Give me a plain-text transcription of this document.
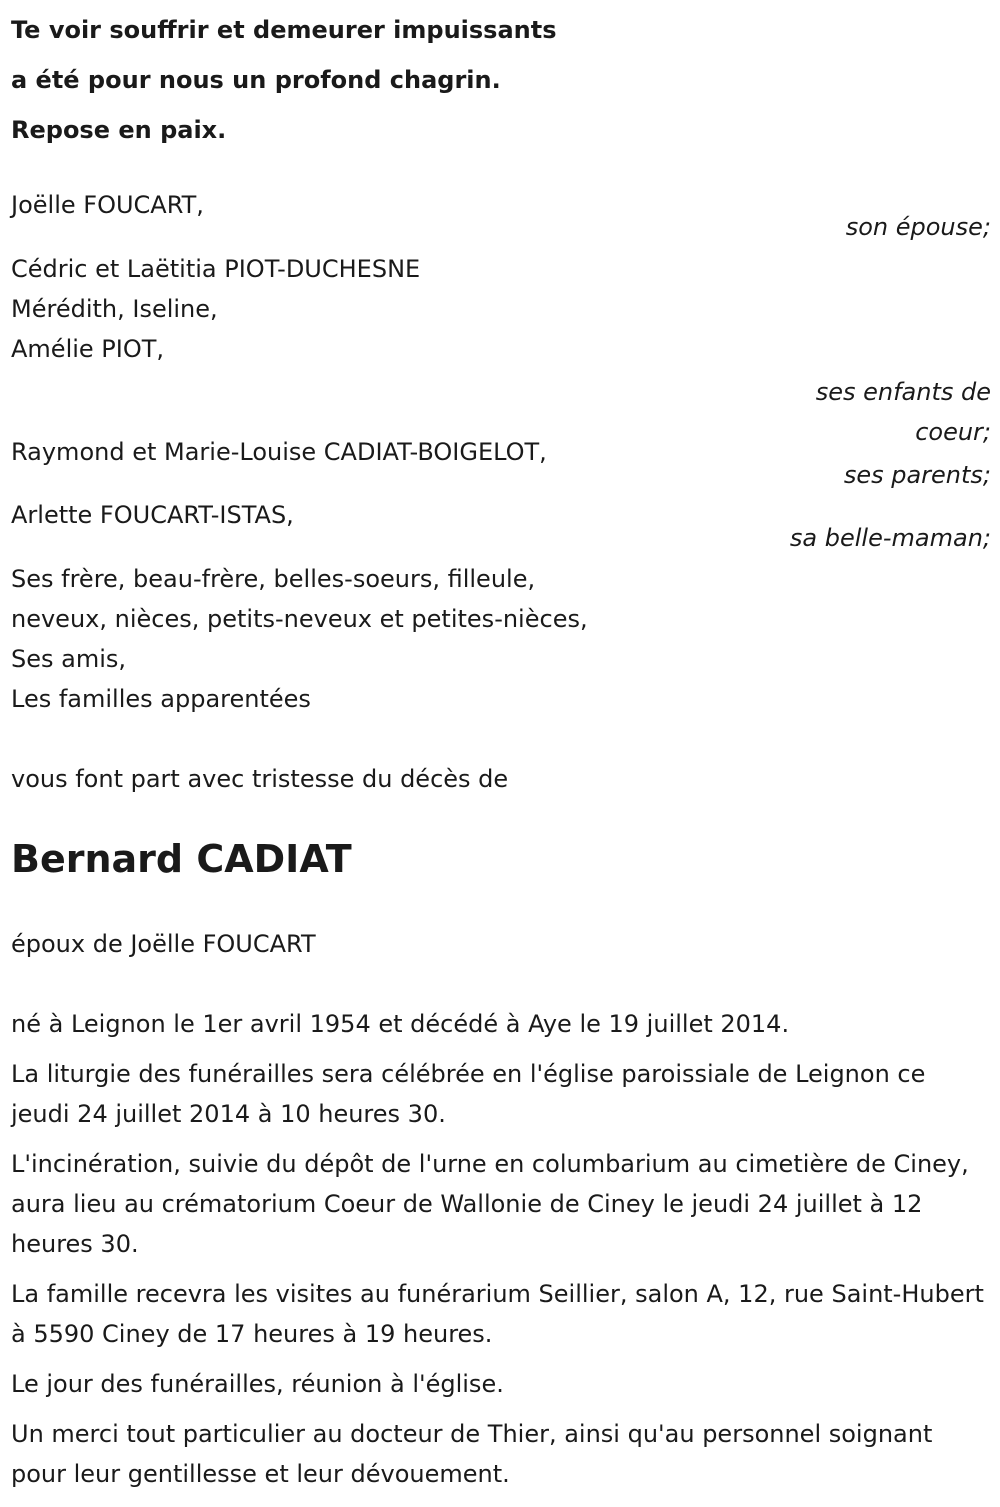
Te voir souffrir et demeurer impuissants
a été pour nous un profond chagrin.
Repose en paix.
Joëlle FOUCART,
son épouse;
Cédric et Laëtitia PIOT-DUCHESNE
Mérédith, Iseline,
Amélie PIOT,
ses enfants de
coeur;
Raymond et Marie-Louise CADIAT-BOIGELOT,
ses parents;
Arlette FOUCART-ISTAS,
sa belle-maman;
Ses frère, beau-frère, belles-soeurs, filleule,
neveux, nièces, petits-neveux et petites-nièces,
Ses amis,
Les familles apparentées
vous font part avec tristesse du décès de
Bernard CADIAT
époux de Joëlle FOUCART

né à Leignon le 1er avril 1954 et décédé à Aye le 19 juillet 2014.

La liturgie des funérailles sera célébrée en l'église paroissiale de Leignon ce jeudi 24 juillet 2014 à 10 heures 30.

L'incinération, suivie du dépôt de l'urne en columbarium au cimetière de Ciney, aura lieu au crématorium Coeur de Wallonie de Ciney le jeudi 24 juillet à 12 heures 30.

La famille recevra les visites au funérarium Seillier, salon A, 12, rue Saint-Hubert à 5590 Ciney de 17 heures à 19 heures.

Le jour des funérailles, réunion à l'église.

Un merci tout particulier au docteur de Thier, ainsi qu'au personnel soignant pour leur gentillesse et leur dévouement.
